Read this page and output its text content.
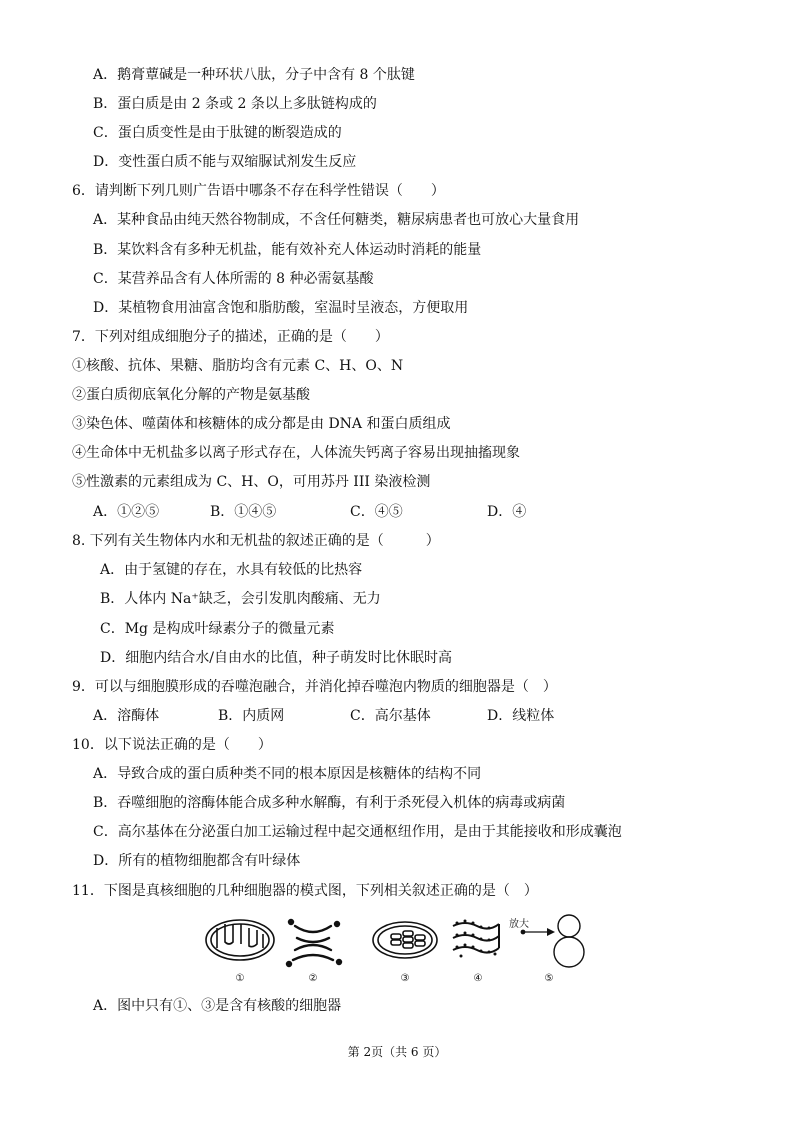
A．鹅膏蕈碱是一种环状八肽，分子中含有 8 个肽键
B．蛋白质是由 2 条或 2 条以上多肽链构成的
C．蛋白质变性是由于肽键的断裂造成的
D．变性蛋白质不能与双缩脲试剂发生反应
6．请判断下列几则广告语中哪条不存在科学性错误（　　）
A．某种食品由纯天然谷物制成，不含任何糖类，糖尿病患者也可放心大量食用
B．某饮料含有多种无机盐，能有效补充人体运动时消耗的能量
C．某营养品含有人体所需的 8 种必需氨基酸
D．某植物食用油富含饱和脂肪酸，室温时呈液态，方便取用
7．下列对组成细胞分子的描述，正确的是（　　）
①核酸、抗体、果糖、脂肪均含有元素 C、H、O、N
②蛋白质彻底氧化分解的产物是氨基酸
③染色体、噬菌体和核糖体的成分都是由 DNA 和蛋白质组成
④生命体中无机盐多以离子形式存在，人体流失钙离子容易出现抽搐现象
⑤性激素的元素组成为 C、H、O，可用苏丹 III 染液检测
A．①②⑤	B．①④⑤	C．④⑤	D．④
8. 下列有关生物体内水和无机盐的叙述正确的是（　　　）
A．由于氢键的存在，水具有较低的比热容
B．人体内 Na⁺缺乏，会引发肌肉酸痛、无力
C．Mg 是构成叶绿素分子的微量元素
D．细胞内结合水/自由水的比值，种子萌发时比休眠时高
9．可以与细胞膜形成的吞噬泡融合，并消化掉吞噬泡内物质的细胞器是（　）
A．溶酶体	B．内质网	C．高尔基体	D．线粒体
10．以下说法正确的是（　　）
A．导致合成的蛋白质种类不同的根本原因是核糖体的结构不同
B．吞噬细胞的溶酶体能合成多种水解酶，有利于杀死侵入机体的病毒或病菌
C．高尔基体在分泌蛋白加工运输过程中起交通枢纽作用，是由于其能接收和形成囊泡
D．所有的植物细胞都含有叶绿体
11．下图是真核细胞的几种细胞器的模式图，下列相关叙述正确的是（　）
放大
①	②	③	④	⑤
A．图中只有①、③是含有核酸的细胞器
第 2页（共 6 页）
